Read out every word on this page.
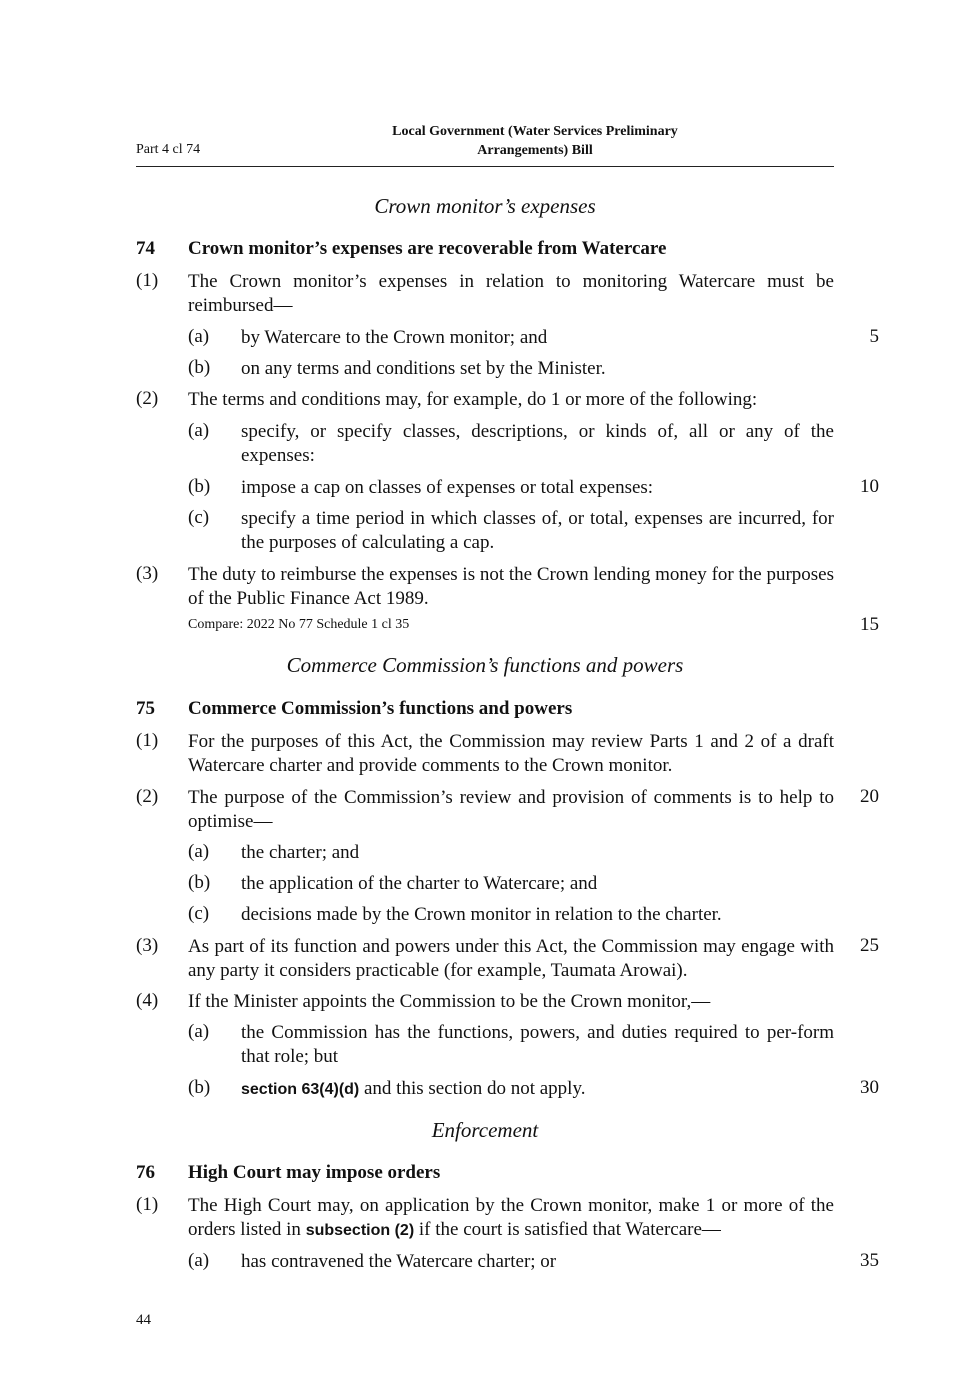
Part 4 cl 74
Local Government (Water Services Preliminary
Arrangements) Bill
Crown monitor’s expenses
74 Crown monitor’s expenses are recoverable from Watercare
(1) The Crown monitor’s expenses in relation to monitoring Watercare must be reimbursed—
(a) by Watercare to the Crown monitor; and	5
(b) on any terms and conditions set by the Minister.
(2) The terms and conditions may, for example, do 1 or more of the following:
(a) specify, or specify classes, descriptions, or kinds of, all or any of the expenses:
(b) impose a cap on classes of expenses or total expenses:	10
(c) specify a time period in which classes of, or total, expenses are incurred, for the purposes of calculating a cap.
(3) The duty to reimburse the expenses is not the Crown lending money for the purposes of the Public Finance Act 1989.
Compare: 2022 No 77 Schedule 1 cl 35	15
Commerce Commission’s functions and powers
75 Commerce Commission’s functions and powers
(1) For the purposes of this Act, the Commission may review Parts 1 and 2 of a draft Watercare charter and provide comments to the Crown monitor.
(2) The purpose of the Commission’s review and provision of comments is to help to optimise—
20
(a) the charter; and
(b) the application of the charter to Watercare; and
(c) decisions made by the Crown monitor in relation to the charter.
(3) As part of its function and powers under this Act, the Commission may engage with any party it considers practicable (for example, Taumata Arowai).
25
(4) If the Minister appoints the Commission to be the Crown monitor,—
(a) the Commission has the functions, powers, and duties required to per-form that role; but
(b) section 63(4)(d) and this section do not apply.	30
Enforcement
76 High Court may impose orders
(1) The High Court may, on application by the Crown monitor, make 1 or more of the orders listed in subsection (2) if the court is satisfied that Watercare—
(a) has contravened the Watercare charter; or	35
44
